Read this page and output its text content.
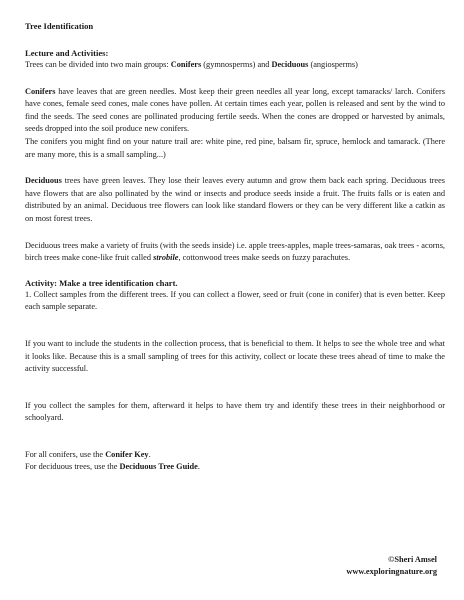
Tree Identification
Lecture and Activities:

Trees can be divided into two main groups: Conifers (gymnosperms) and Deciduous (angiosperms)

Conifers have leaves that are green needles. Most keep their green needles all year long, except tamaracks/ larch. Conifers have cones, female seed cones, male cones have pollen. At certain times each year, pollen is released and sent by the wind to find the seeds. The seed cones are pollinated producing fertile seeds. When the cones are dropped or harvested by animals, seeds dropped into the soil produce new conifers.

The conifers you might find on your nature trail are: white pine, red pine, balsam fir, spruce, hemlock and tamarack. (There are many more, this is a small sampling...)

Deciduous trees have green leaves. They lose their leaves every autumn and grow them back each spring. Deciduous trees have flowers that are also pollinated by the wind or insects and produce seeds inside a fruit. The fruits falls or is eaten and distributed by an animal. Deciduous tree flowers can look like standard flowers or they can be very different like a catkin as on most forest trees.

Deciduous trees make a variety of fruits (with the seeds inside) i.e. apple trees-apples, maple trees-samaras, oak trees - acorns, birch trees make cone-like fruit called strobile, cottonwood trees make seeds on fuzzy parachutes.

Activity: Make a tree identification chart.

1. Collect samples from the different trees. If you can collect a flower, seed or fruit (cone in conifer) that is even better. Keep each sample separate.

If you want to include the students in the collection process, that is beneficial to them. It helps to see the whole tree and what it looks like. Because this is a small sampling of trees for this activity, collect or locate these trees ahead of time to make the activity successful.

If you collect the samples for them, afterward it helps to have them try and identify these trees in their neighborhood or schoolyard.

For all conifers, use the Conifer Key.

For deciduous trees, use the Deciduous Tree Guide.

©Sheri Amsel
www.exploringnature.org
